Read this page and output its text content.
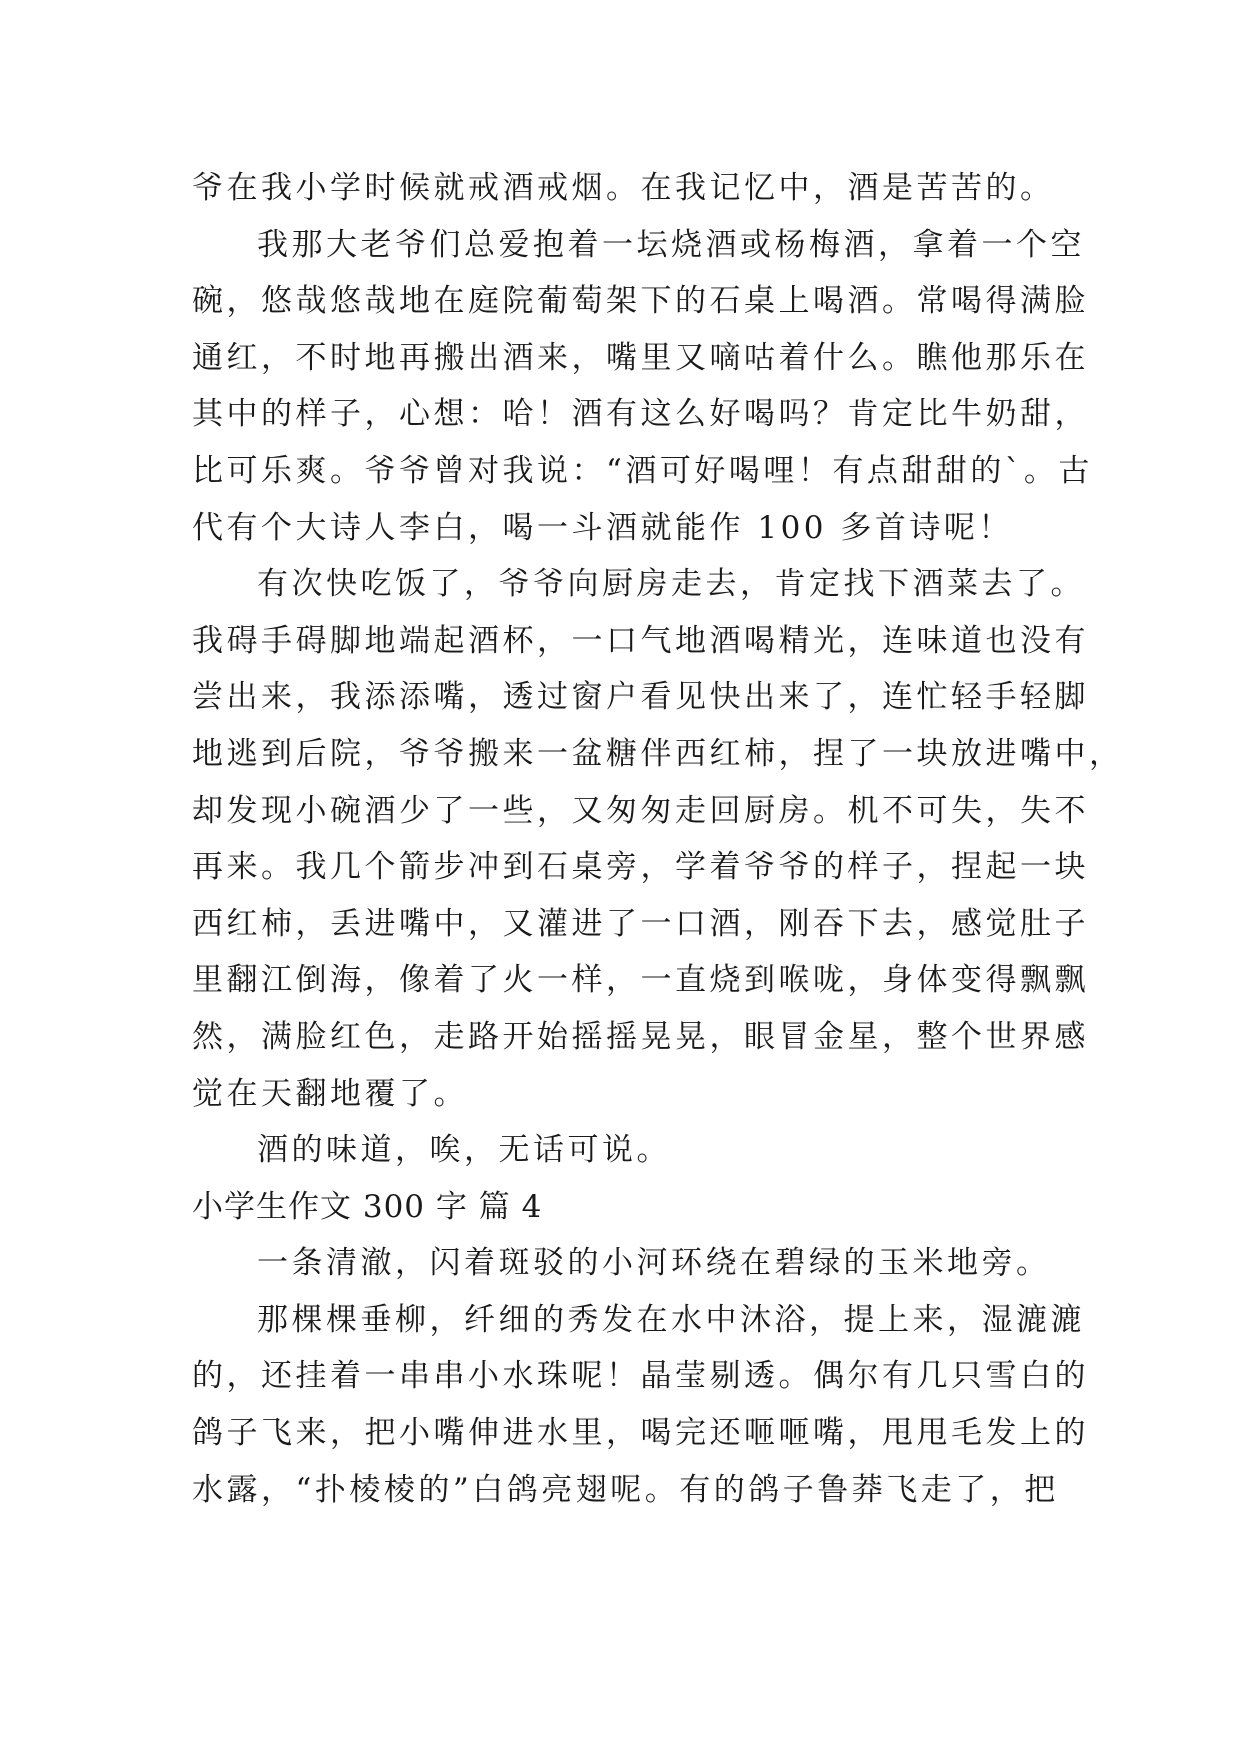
爷在我小学时候就戒酒戒烟。在我记忆中，酒是苦苦的。
我那大老爷们总爱抱着一坛烧酒或杨梅酒，拿着一个空
碗，悠哉悠哉地在庭院葡萄架下的石桌上喝酒。常喝得满脸
通红，不时地再搬出酒来，嘴里又嘀咕着什么。瞧他那乐在
其中的样子，心想：哈！酒有这么好喝吗？肯定比牛奶甜，
比可乐爽。爷爷曾对我说：“酒可好喝哩！有点甜甜的`。古
代有个大诗人李白，喝一斗酒就能作 100 多首诗呢！
有次快吃饭了，爷爷向厨房走去，肯定找下酒菜去了。
我碍手碍脚地端起酒杯，一口气地酒喝精光，连味道也没有
尝出来，我添添嘴，透过窗户看见快出来了，连忙轻手轻脚
地逃到后院，爷爷搬来一盆糖伴西红柿，捏了一块放进嘴中，
却发现小碗酒少了一些，又匆匆走回厨房。机不可失，失不
再来。我几个箭步冲到石桌旁，学着爷爷的样子，捏起一块
西红柿，丢进嘴中，又灌进了一口酒，刚吞下去，感觉肚子
里翻江倒海，像着了火一样，一直烧到喉咙，身体变得飘飘
然，满脸红色，走路开始摇摇晃晃，眼冒金星，整个世界感
觉在天翻地覆了。
酒的味道，唉，无话可说。
小学生作文 300 字 篇 4
一条清澈，闪着斑驳的小河环绕在碧绿的玉米地旁。
那棵棵垂柳，纤细的秀发在水中沐浴，提上来，湿漉漉
的，还挂着一串串小水珠呢！晶莹剔透。偶尔有几只雪白的
鸽子飞来，把小嘴伸进水里，喝完还咂咂嘴，甩甩毛发上的
水露，“扑棱棱的”白鸽亮翅呢。有的鸽子鲁莽飞走了，把
